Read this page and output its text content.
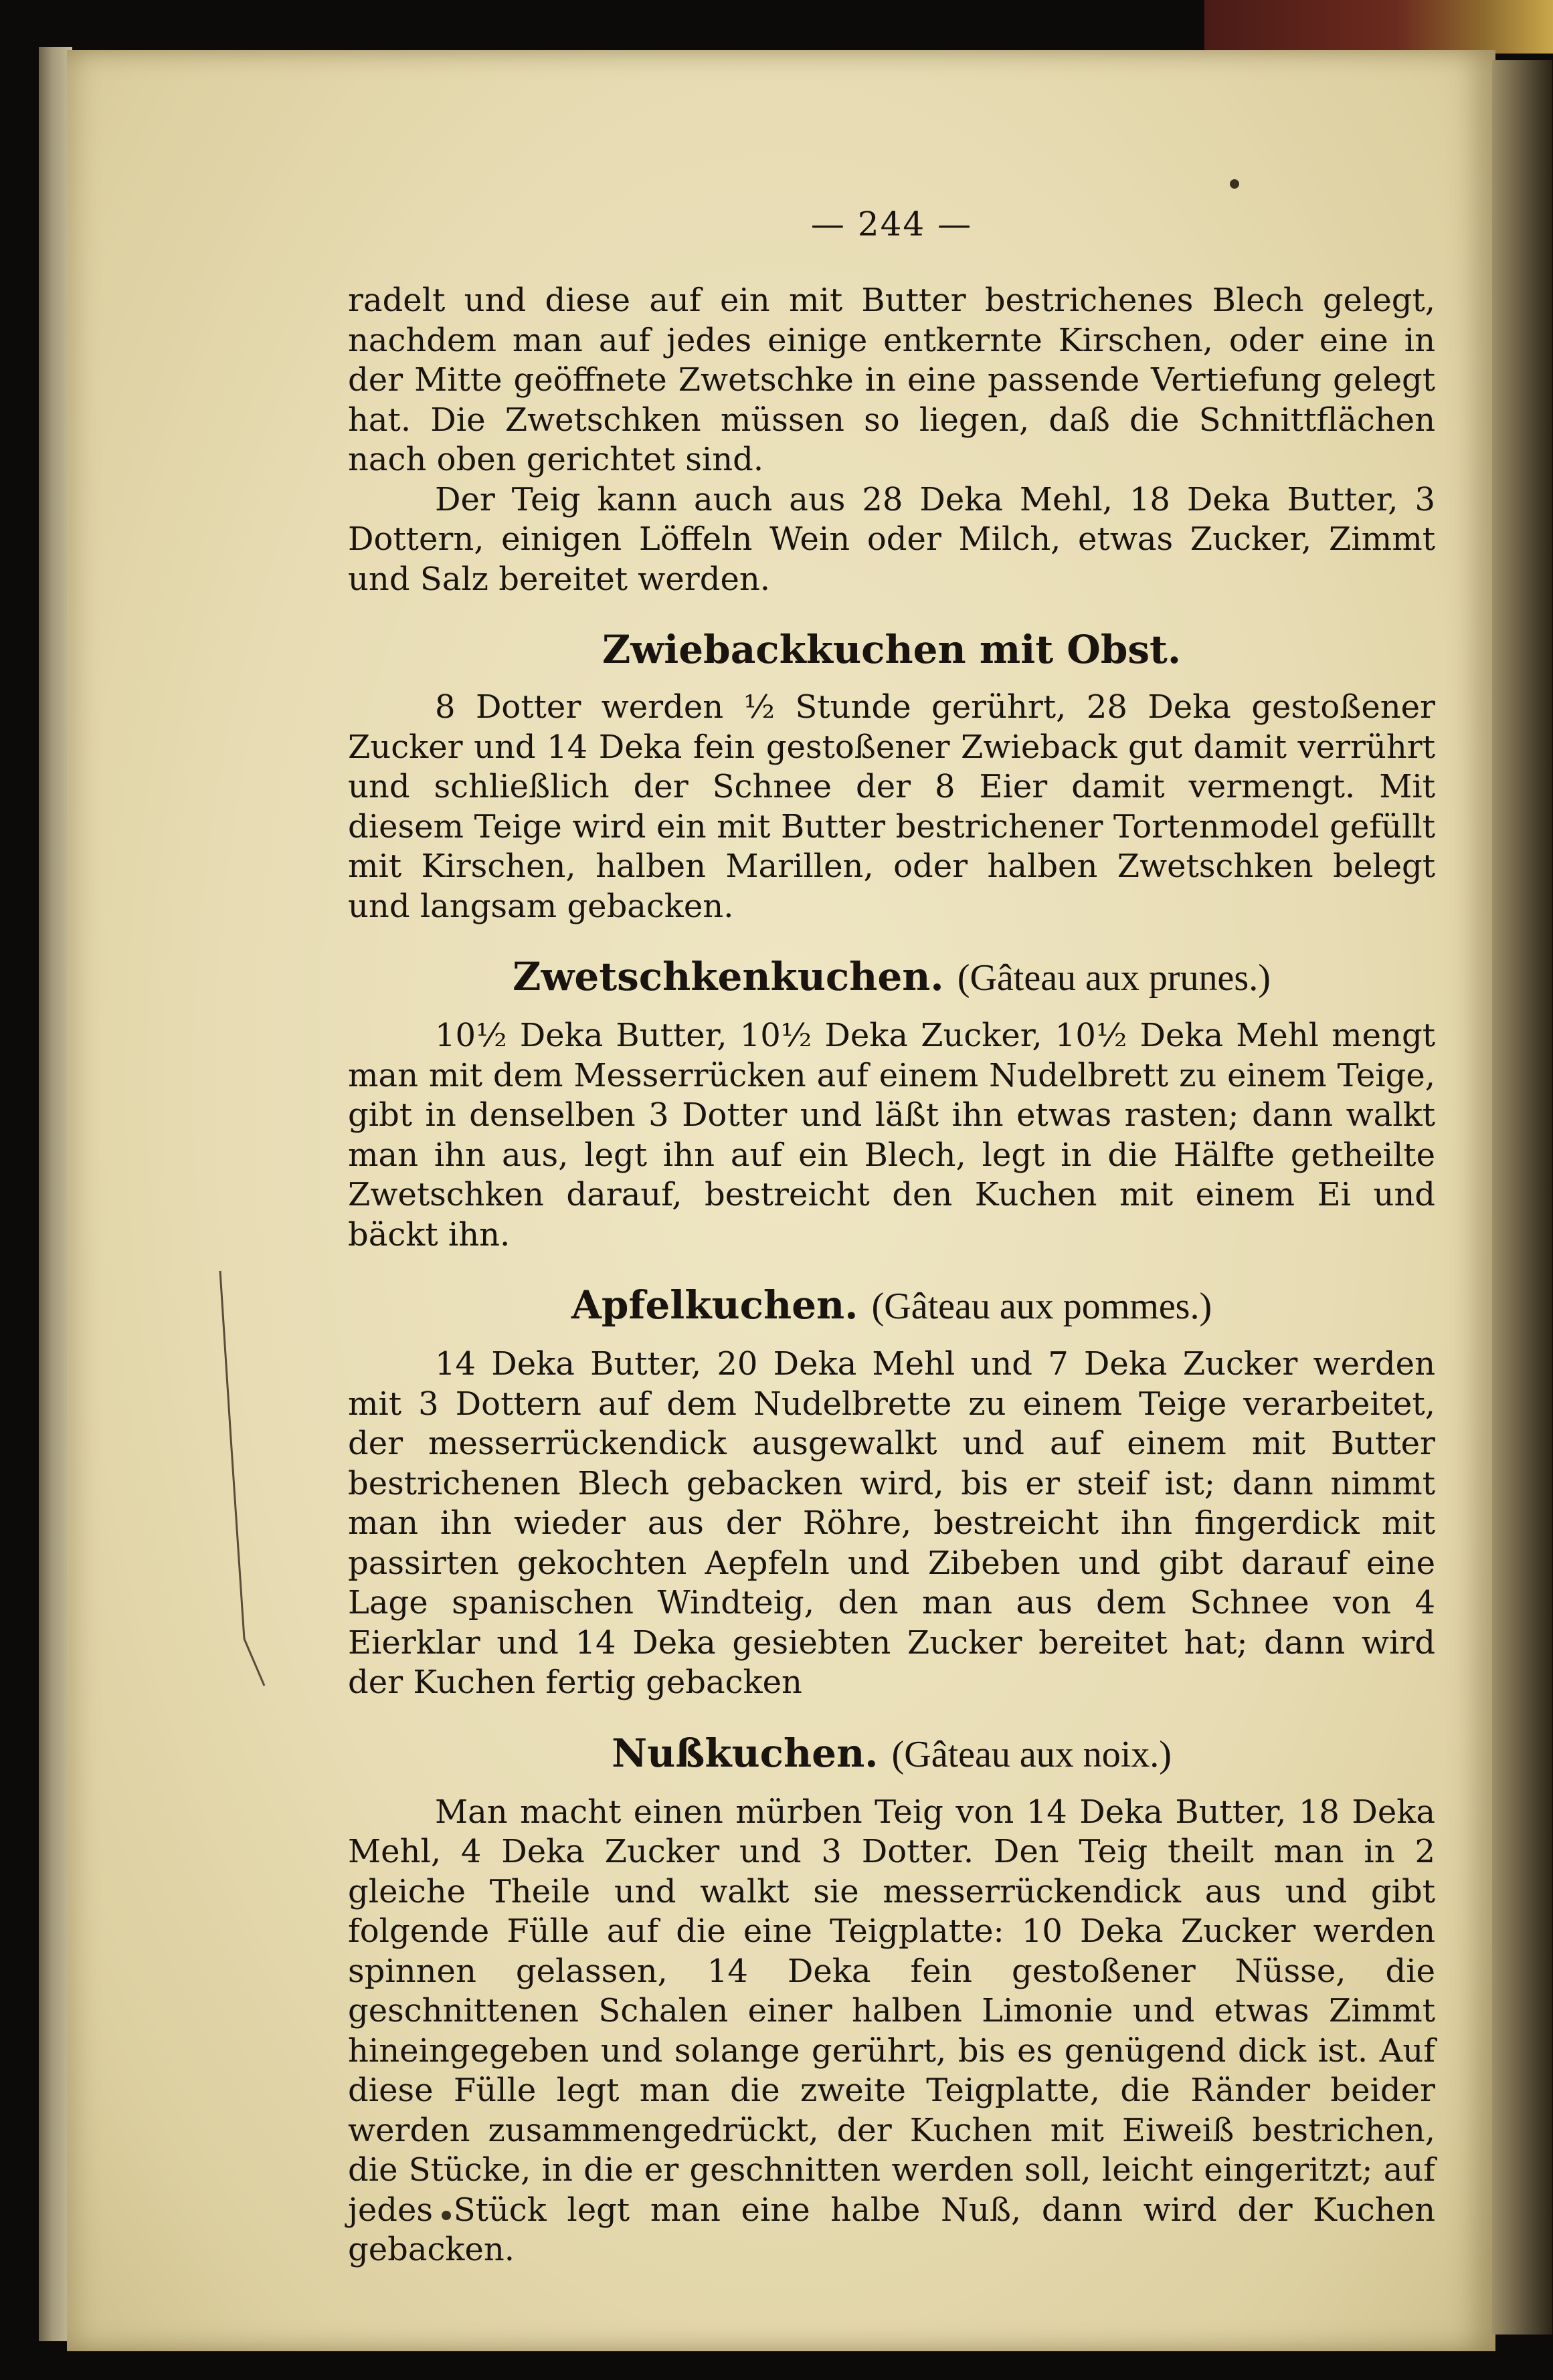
— 244 —

radelt und diese auf ein mit Butter bestrichenes Blech gelegt, nachdem man auf jedes einige entkernte Kirschen, oder eine in der Mitte geöffnete Zwetschke in eine passende Vertiefung gelegt hat. Die Zwetschken müssen so liegen, daß die Schnittflächen nach oben gerichtet sind.

Der Teig kann auch aus 28 Deka Mehl, 18 Deka Butter, 3 Dottern, einigen Löffeln Wein oder Milch, etwas Zucker, Zimmt und Salz bereitet werden.

Zwiebackkuchen mit Obst.

8 Dotter werden ½ Stunde gerührt, 28 Deka gestoßener Zucker und 14 Deka fein gestoßener Zwieback gut damit verrührt und schließlich der Schnee der 8 Eier damit vermengt. Mit diesem Teige wird ein mit Butter bestrichener Tortenmodel gefüllt mit Kirschen, halben Marillen, oder halben Zwetschken belegt und langsam gebacken.

Zwetschkenkuchen. (Gâteau aux prunes.)

10½ Deka Butter, 10½ Deka Zucker, 10½ Deka Mehl mengt man mit dem Messerrücken auf einem Nudelbrett zu einem Teige, gibt in denselben 3 Dotter und läßt ihn etwas rasten; dann walkt man ihn aus, legt ihn auf ein Blech, legt in die Hälfte getheilte Zwetschken darauf, bestreicht den Kuchen mit einem Ei und bäckt ihn.

Apfelkuchen. (Gâteau aux pommes.)

14 Deka Butter, 20 Deka Mehl und 7 Deka Zucker werden mit 3 Dottern auf dem Nudelbrette zu einem Teige verarbeitet, der messerrückendick ausgewalkt und auf einem mit Butter bestrichenen Blech gebacken wird, bis er steif ist; dann nimmt man ihn wieder aus der Röhre, bestreicht ihn fingerdick mit passirten gekochten Aepfeln und Zibeben und gibt darauf eine Lage spanischen Windteig, den man aus dem Schnee von 4 Eierklar und 14 Deka gesiebten Zucker bereitet hat; dann wird der Kuchen fertig gebacken

Nußkuchen. (Gâteau aux noix.)

Man macht einen mürben Teig von 14 Deka Butter, 18 Deka Mehl, 4 Deka Zucker und 3 Dotter. Den Teig theilt man in 2 gleiche Theile und walkt sie messerrückendick aus und gibt folgende Fülle auf die eine Teigplatte: 10 Deka Zucker werden spinnen gelassen, 14 Deka fein gestoßener Nüsse, die geschnittenen Schalen einer halben Limonie und etwas Zimmt hineingegeben und solange gerührt, bis es genügend dick ist. Auf diese Fülle legt man die zweite Teigplatte, die Ränder beider werden zusammengedrückt, der Kuchen mit Eiweiß bestrichen, die Stücke, in die er geschnitten werden soll, leicht eingeritzt; auf jedes Stück legt man eine halbe Nuß, dann wird der Kuchen gebacken.
